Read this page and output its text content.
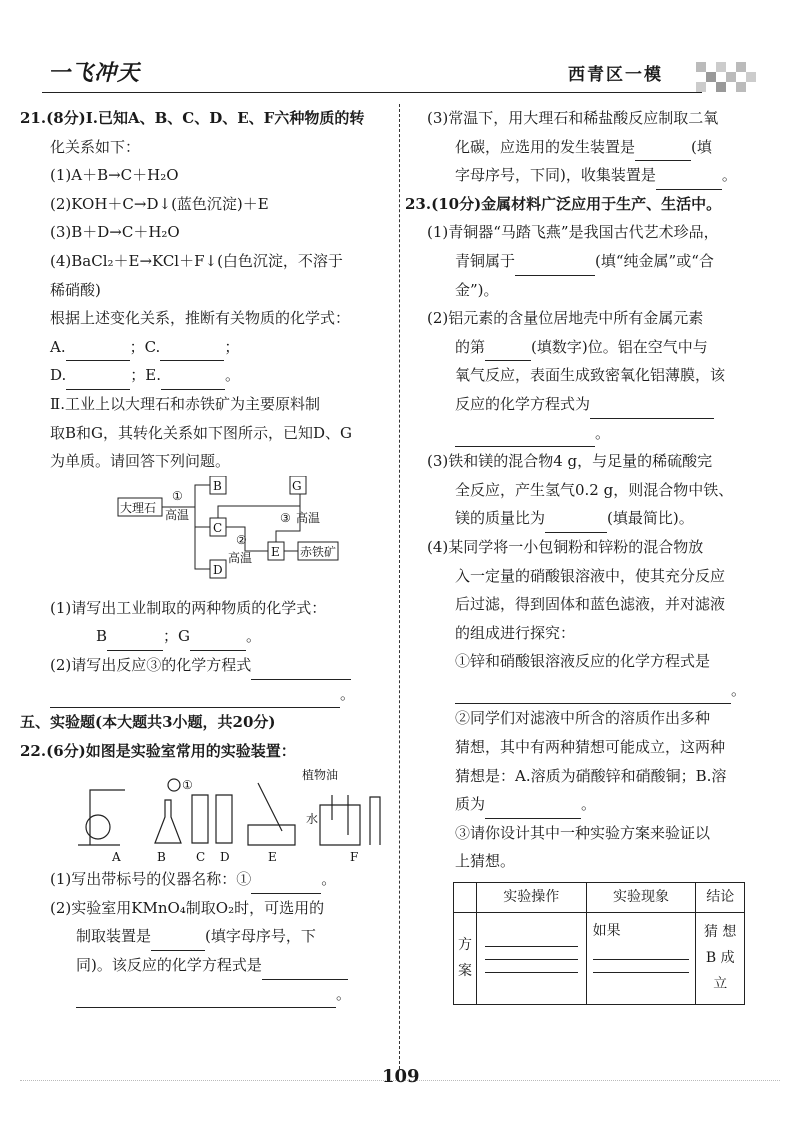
一飞冲天	西青区一模
21.(8分)Ⅰ.已知A、B、C、D、E、F六种物质的转
化关系如下：
(1)A＋B→C＋H₂O
(2)KOH＋C→D↓(蓝色沉淀)＋E
(3)B＋D→C＋H₂O
(4)BaCl₂＋E→KCl＋F↓(白色沉淀，不溶于
稀硝酸)
根据上述变化关系，推断有关物质的化学式：
A.	；C.	；
D.	；E.	。
Ⅱ.工业上以大理石和赤铁矿为主要原料制
取B和G，其转化关系如下图所示，已知D、G
为单质。请回答下列问题。
大理石
①
高温
B
C
D
E
G
赤铁矿
②
高温
③ 高温
(1)请写出工业制取的两种物质的化学式：
B	；G	。
(2)请写出反应③的化学方程式
。
五、实验题(本大题共3小题，共20分)
22.(6分)如图是实验室常用的实验装置：
①
植物油
水
A	B	C D	E	F
(1)写出带标号的仪器名称：①	。
(2)实验室用KMnO₄制取O₂时，可选用的
制取装置是	(填字母序号，下
同)。该反应的化学方程式是
。
(3)常温下，用大理石和稀盐酸反应制取二氧
化碳，应选用的发生装置是	(填
字母序号，下同)，收集装置是	。
23.(10分)金属材料广泛应用于生产、生活中。
(1)青铜器“马踏飞燕”是我国古代艺术珍品，
青铜属于	(填“纯金属”或“合
金”)。
(2)铝元素的含量位居地壳中所有金属元素
的第	(填数字)位。铝在空气中与
氧气反应，表面生成致密氧化铝薄膜，该
反应的化学方程式为
。
(3)铁和镁的混合物4 g，与足量的稀硫酸完
全反应，产生氢气0.2 g，则混合物中铁、
镁的质量比为	(填最简比)。
(4)某同学将一小包铜粉和锌粉的混合物放
入一定量的硝酸银溶液中，使其充分反应
后过滤，得到固体和蓝色滤液，并对滤液
的组成进行探究：
①锌和硝酸银溶液反应的化学方程式是
。
②同学们对滤液中所含的溶质作出多种
猜想，其中有两种猜想可能成立，这两种
猜想是：A.溶质为硝酸锌和硝酸铜；B.溶
质为	。
③请你设计其中一种实验方案来验证以
上猜想。
	实验操作	实验现象	结论

方案		如果	猜 想
B 成
立
109
